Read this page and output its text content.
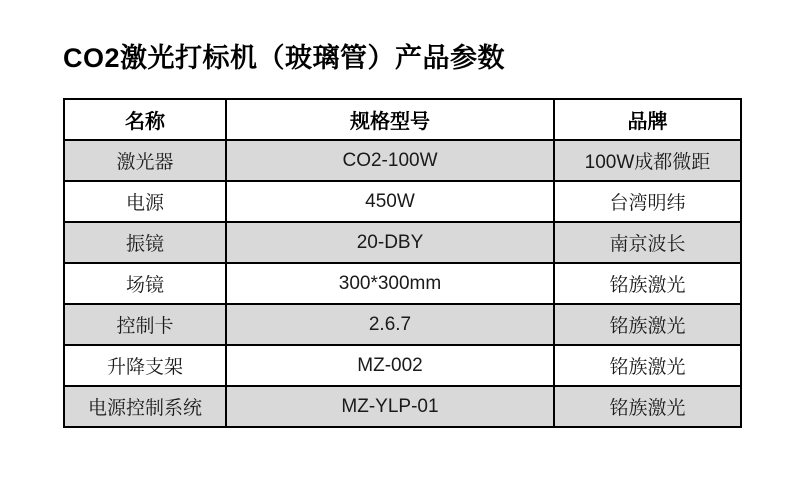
CO2激光打标机（玻璃管）产品参数
名称	规格型号	品牌
激光器	CO2-100W	100W成都微距
电源	450W	台湾明纬
振镜	20-DBY	南京波长
场镜	300*300mm	铭族激光
控制卡	2.6.7	铭族激光
升降支架	MZ-002	铭族激光
电源控制系统	MZ-YLP-01	铭族激光
